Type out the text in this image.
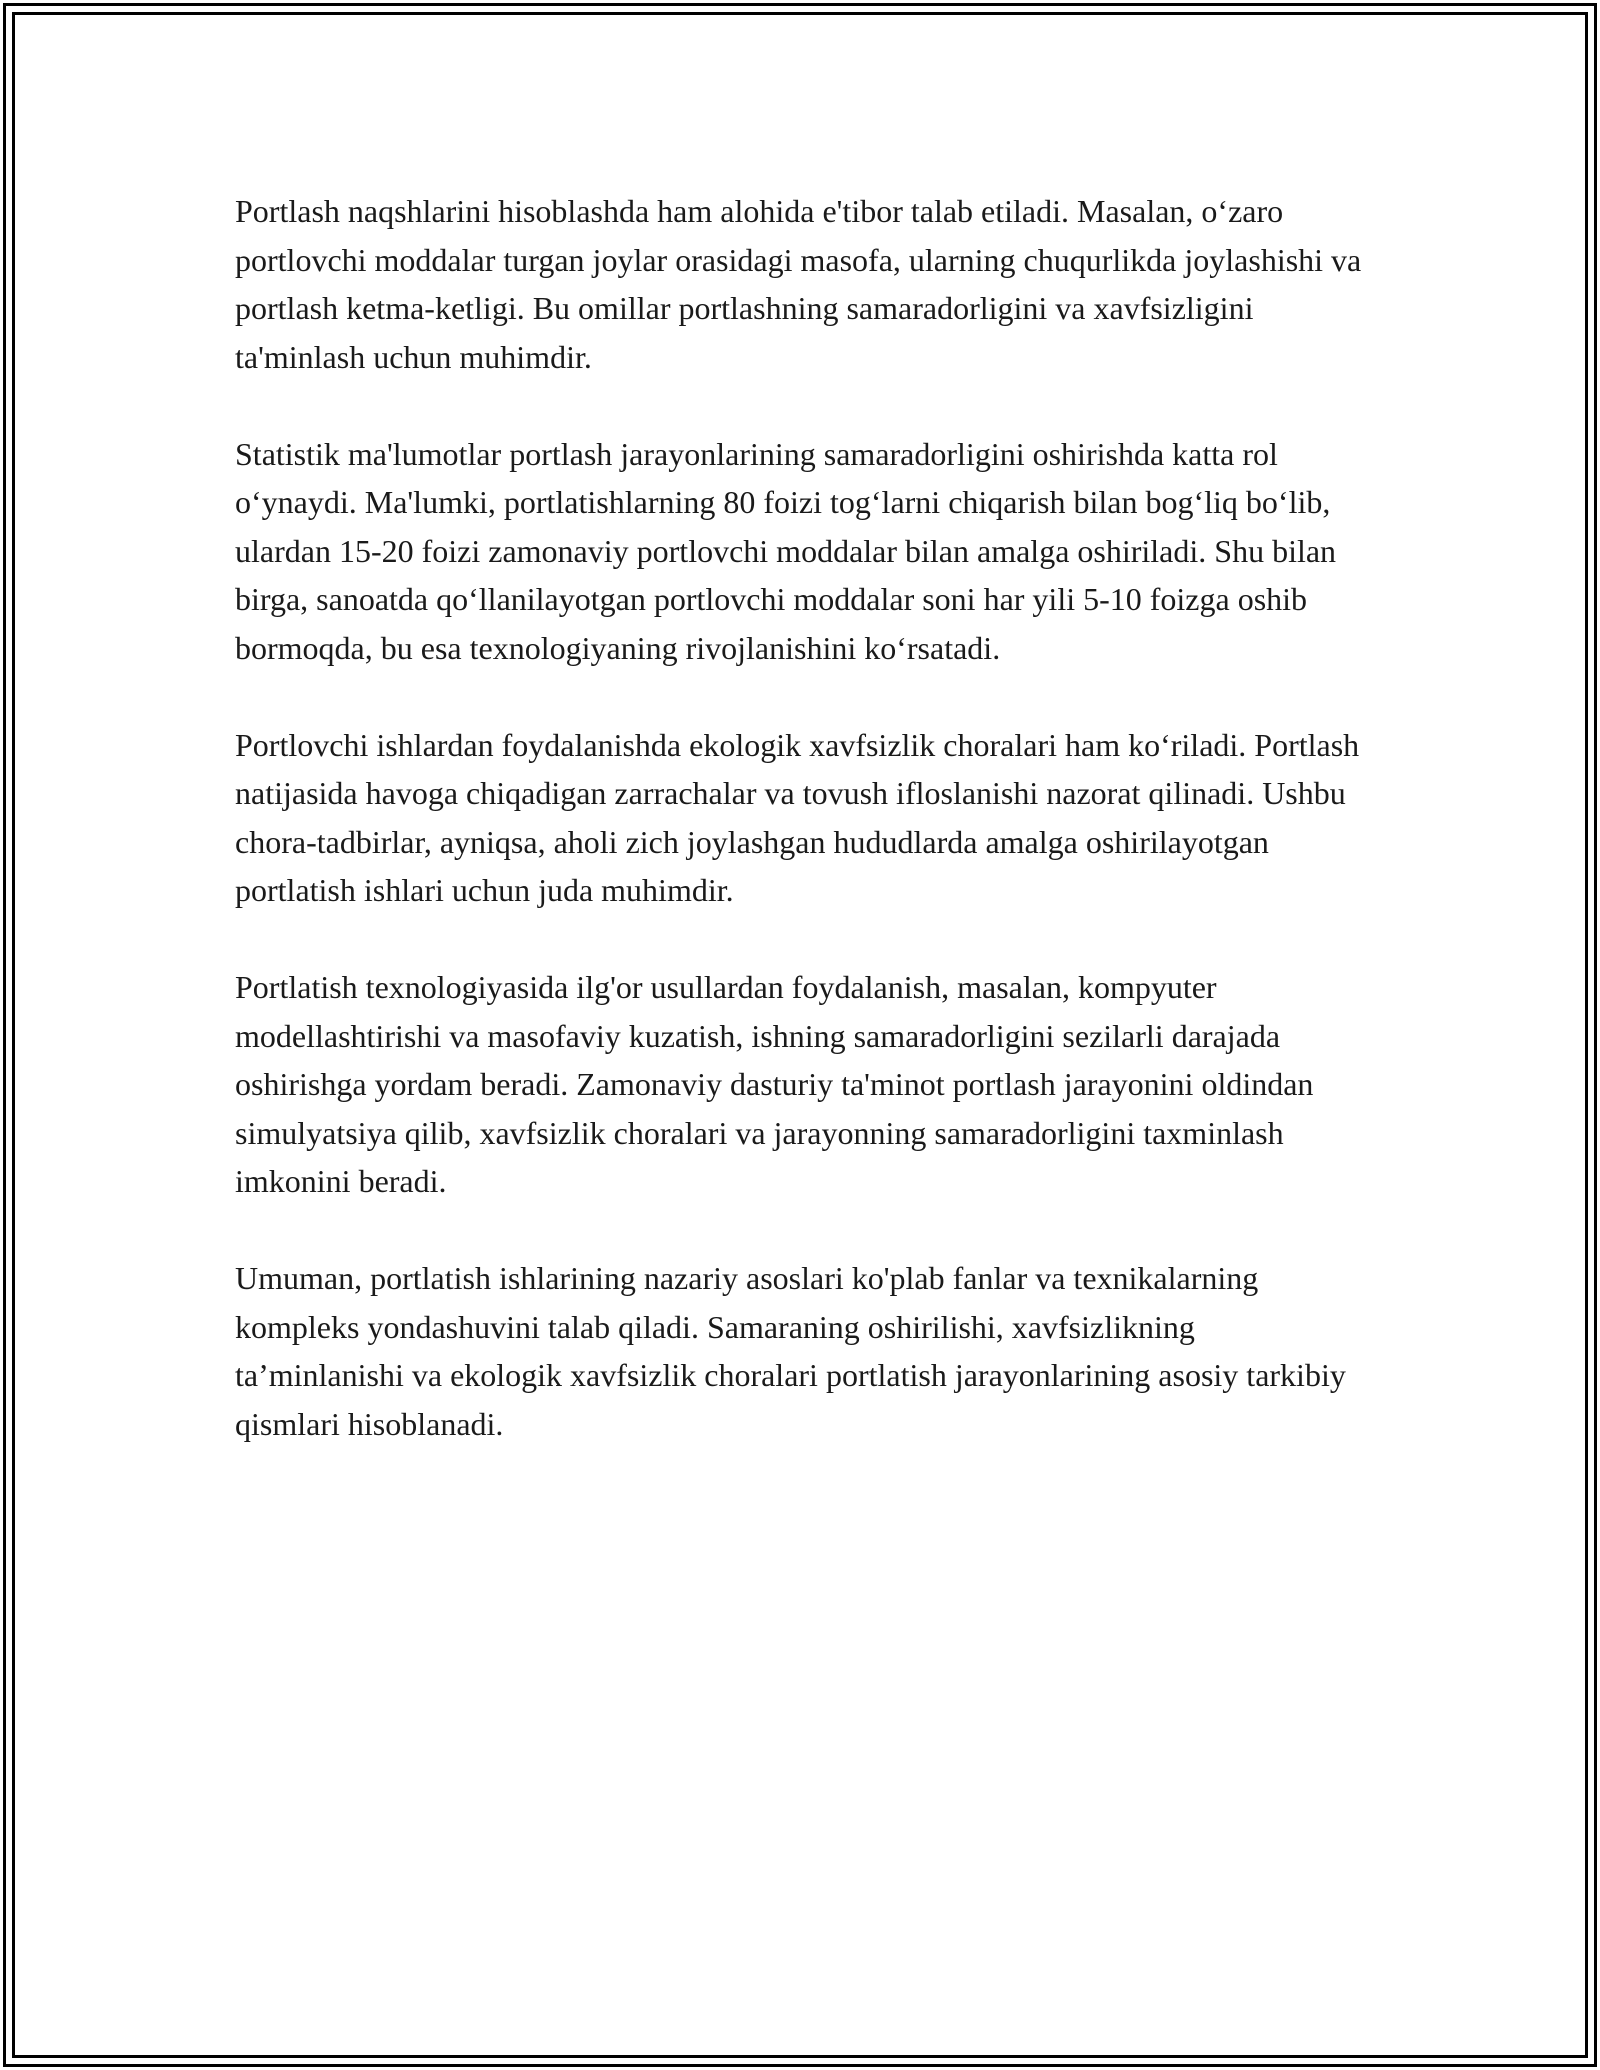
Portlash naqshlarini hisoblashda ham alohida e'tibor talab etiladi. Masalan, o‘zaro portlovchi moddalar turgan joylar orasidagi masofa, ularning chuqurlikda joylashishi va portlash ketma-ketligi. Bu omillar portlashning samaradorligini va xavfsizligini ta'minlash uchun muhimdir.

Statistik ma'lumotlar portlash jarayonlarining samaradorligini oshirishda katta rol o‘ynaydi. Ma'lumki, portlatishlarning 80 foizi tog‘larni chiqarish bilan bog‘liq bo‘lib, ulardan 15-20 foizi zamonaviy portlovchi moddalar bilan amalga oshiriladi. Shu bilan birga, sanoatda qo‘llanilayotgan portlovchi moddalar soni har yili 5-10 foizga oshib bormoqda, bu esa texnologiyaning rivojlanishini ko‘rsatadi.

Portlovchi ishlardan foydalanishda ekologik xavfsizlik choralari ham ko‘riladi. Portlash natijasida havoga chiqadigan zarrachalar va tovush ifloslanishi nazorat qilinadi. Ushbu chora-tadbirlar, ayniqsa, aholi zich joylashgan hududlarda amalga oshirilayotgan portlatish ishlari uchun juda muhimdir.

Portlatish texnologiyasida ilg'or usullardan foydalanish, masalan, kompyuter modellashtirishi va masofaviy kuzatish, ishning samaradorligini sezilarli darajada oshirishga yordam beradi. Zamonaviy dasturiy ta'minot portlash jarayonini oldindan simulyatsiya qilib, xavfsizlik choralari va jarayonning samaradorligini taxminlash imkonini beradi.

Umuman, portlatish ishlarining nazariy asoslari ko'plab fanlar va texnikalarning kompleks yondashuvini talab qiladi. Samaraning oshirilishi, xavfsizlikning ta’minlanishi va ekologik xavfsizlik choralari portlatish jarayonlarining asosiy tarkibiy qismlari hisoblanadi.
